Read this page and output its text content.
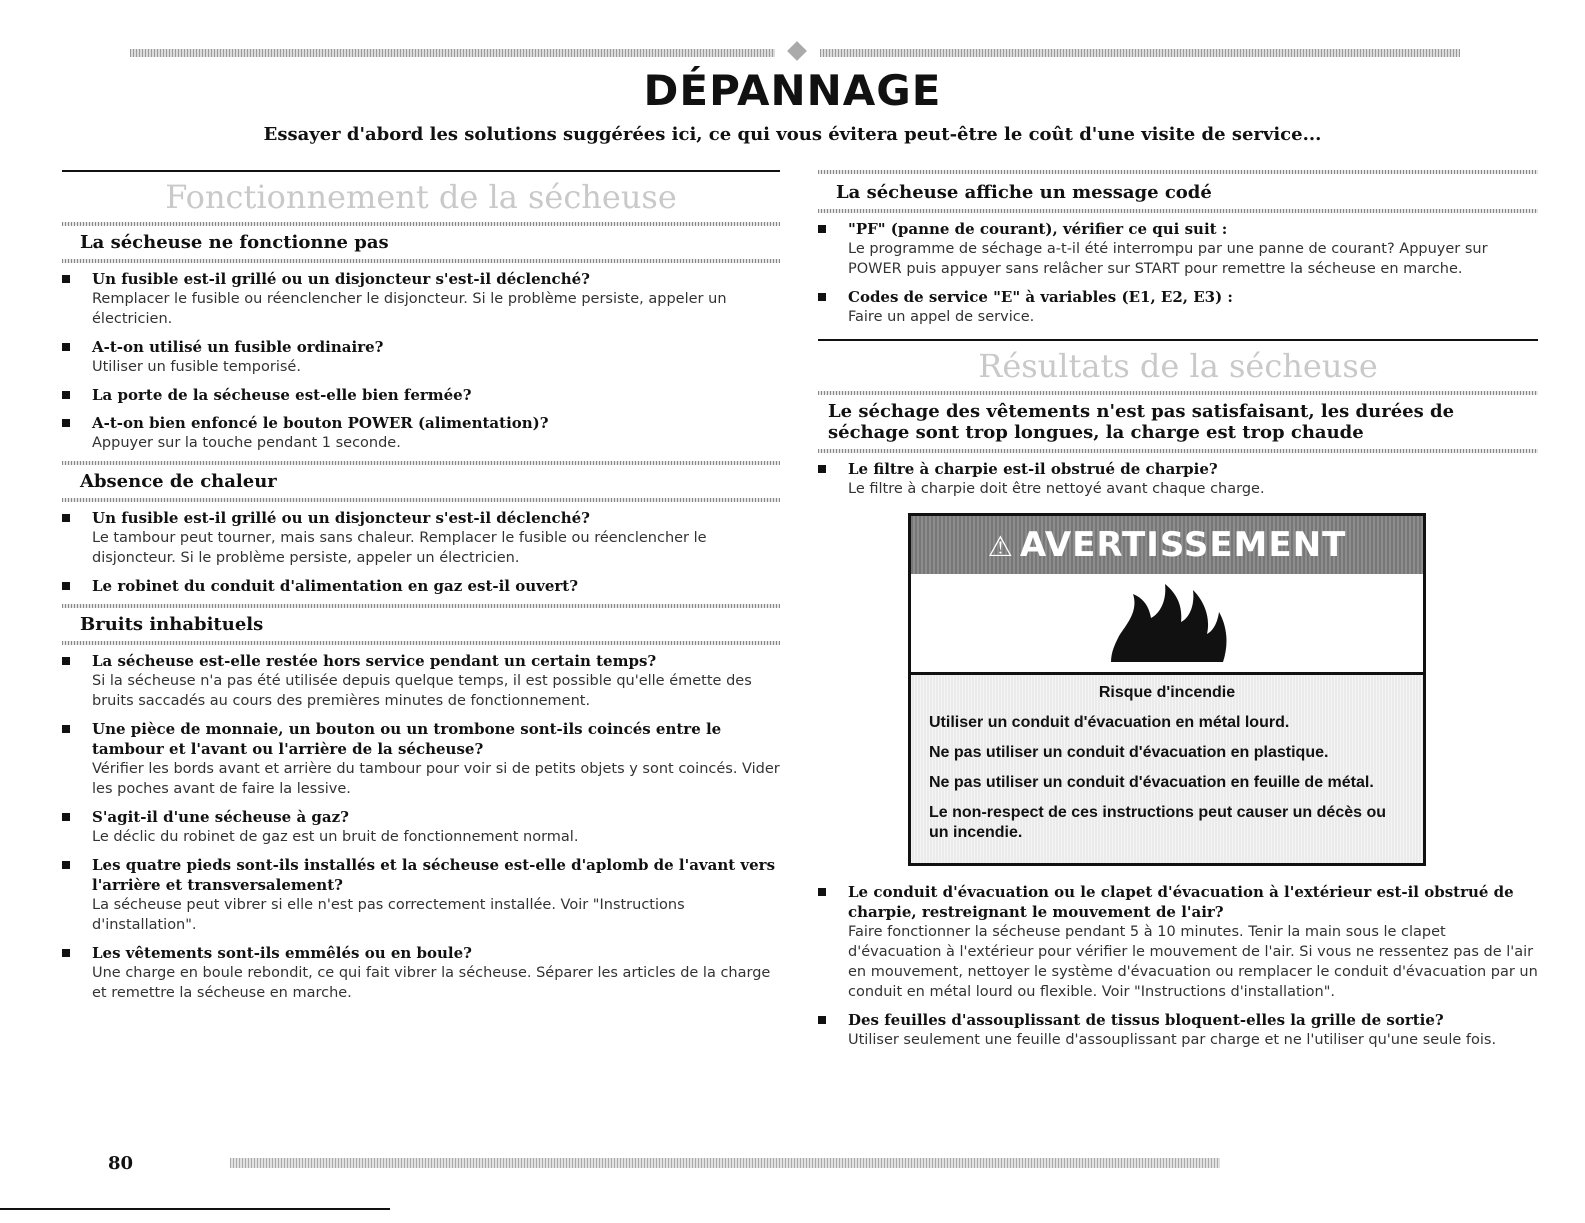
DÉPANNAGE
Essayer d'abord les solutions suggérées ici, ce qui vous évitera peut-être le coût d'une visite de service...
Fonctionnement de la sécheuse
La sécheuse ne fonctionne pas
Un fusible est-il grillé ou un disjoncteur s'est-il déclenché?
Remplacer le fusible ou réenclencher le disjoncteur. Si le problème persiste, appeler un électricien.
A-t-on utilisé un fusible ordinaire?
Utiliser un fusible temporisé.
La porte de la sécheuse est-elle bien fermée?
A-t-on bien enfoncé le bouton POWER (alimentation)?
Appuyer sur la touche pendant 1 seconde.
Absence de chaleur
Un fusible est-il grillé ou un disjoncteur s'est-il déclenché?
Le tambour peut tourner, mais sans chaleur. Remplacer le fusible ou réenclencher le disjoncteur. Si le problème persiste, appeler un électricien.
Le robinet du conduit d'alimentation en gaz est-il ouvert?
Bruits inhabituels
La sécheuse est-elle restée hors service pendant un certain temps?
Si la sécheuse n'a pas été utilisée depuis quelque temps, il est possible qu'elle émette des bruits saccadés au cours des premières minutes de fonctionnement.
Une pièce de monnaie, un bouton ou un trombone sont-ils coincés entre le tambour et l'avant ou l'arrière de la sécheuse?
Vérifier les bords avant et arrière du tambour pour voir si de petits objets y sont coincés. Vider les poches avant de faire la lessive.
S'agit-il d'une sécheuse à gaz?
Le déclic du robinet de gaz est un bruit de fonctionnement normal.
Les quatre pieds sont-ils installés et la sécheuse est-elle d'aplomb de l'avant vers l'arrière et transversalement?
La sécheuse peut vibrer si elle n'est pas correctement installée. Voir "Instructions d'installation".
Les vêtements sont-ils emmêlés ou en boule?
Une charge en boule rebondit, ce qui fait vibrer la sécheuse. Séparer les articles de la charge et remettre la sécheuse en marche.
La sécheuse affiche un message codé
"PF" (panne de courant), vérifier ce qui suit :
Le programme de séchage a-t-il été interrompu par une panne de courant? Appuyer sur POWER puis appuyer sans relâcher sur START pour remettre la sécheuse en marche.
Codes de service "E" à variables (E1, E2, E3) :
Faire un appel de service.
Résultats de la sécheuse
Le séchage des vêtements n'est pas satisfaisant, les durées de séchage sont trop longues, la charge est trop chaude
Le filtre à charpie est-il obstrué de charpie?
Le filtre à charpie doit être nettoyé avant chaque charge.
⚠ AVERTISSEMENT

Risque d'incendie

Utiliser un conduit d'évacuation en métal lourd.

Ne pas utiliser un conduit d'évacuation en plastique.

Ne pas utiliser un conduit d'évacuation en feuille de métal.

Le non-respect de ces instructions peut causer un décès ou un incendie.

Le conduit d'évacuation ou le clapet d'évacuation à l'extérieur est-il obstrué de charpie, restreignant le mouvement de l'air?
Faire fonctionner la sécheuse pendant 5 à 10 minutes. Tenir la main sous le clapet d'évacuation à l'extérieur pour vérifier le mouvement de l'air. Si vous ne ressentez pas de l'air en mouvement, nettoyer le système d'évacuation ou remplacer le conduit d'évacuation par un conduit en métal lourd ou flexible. Voir "Instructions d'installation".
Des feuilles d'assouplissant de tissus bloquent-elles la grille de sortie?
Utiliser seulement une feuille d'assouplissant par charge et ne l'utiliser qu'une seule fois.
80
